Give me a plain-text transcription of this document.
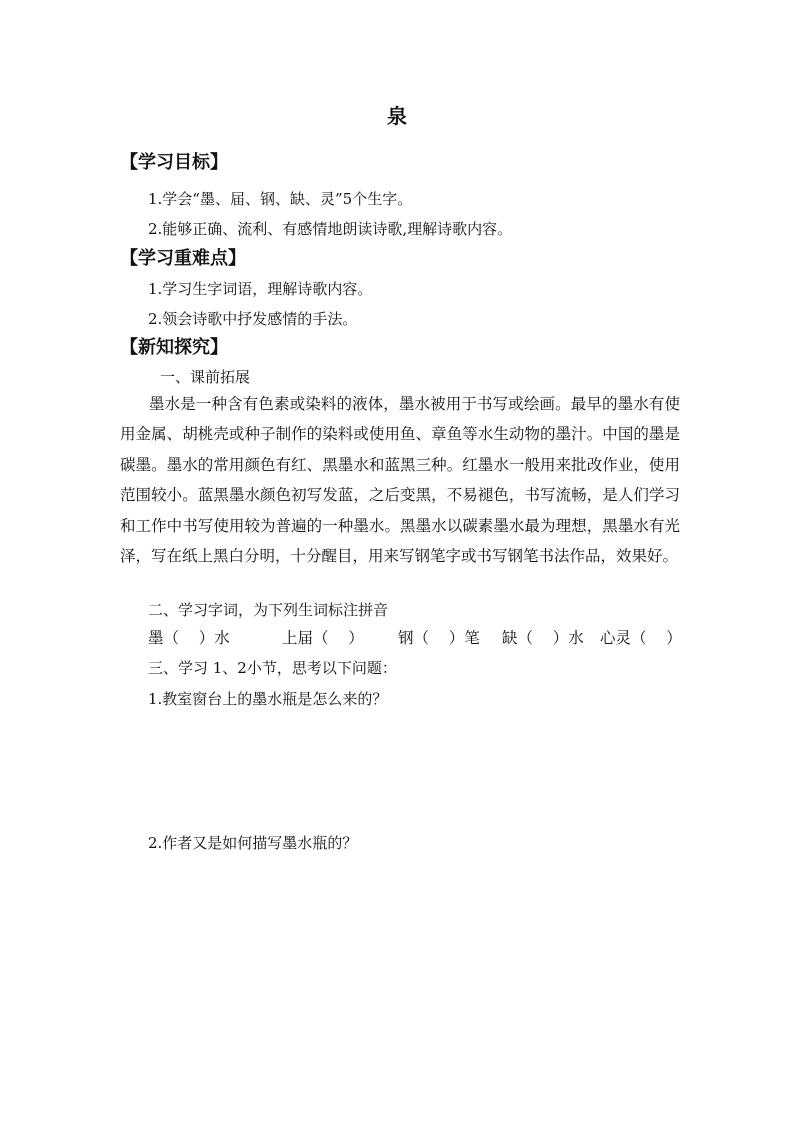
泉
【学习目标】
1.学会“墨、届、钢、缺、灵”5个生字。
2.能够正确、流利、有感情地朗读诗歌,理解诗歌内容。
【学习重难点】
1.学习生字词语，理解诗歌内容。
2.领会诗歌中抒发感情的手法。
【新知探究】
一、课前拓展
墨水是一种含有色素或染料的液体，墨水被用于书写或绘画。最早的墨水有使用金属、胡桃壳或种子制作的染料或使用鱼、章鱼等水生动物的墨汁。中国的墨是碳墨。墨水的常用颜色有红、黑墨水和蓝黑三种。红墨水一般用来批改作业，使用范围较小。蓝黑墨水颜色初写发蓝，之后变黑，不易褪色，书写流畅，是人们学习和工作中书写使用较为普遍的一种墨水。黑墨水以碳素墨水最为理想，黑墨水有光泽，写在纸上黑白分明，十分醒目，用来写钢笔字或书写钢笔书法作品，效果好。
二、学习字词，为下列生词标注拼音
墨（    ）水	上届（    ） 钢（    ）笔 缺（    ）水 心灵（    ）
三、学习 1、2小节，思考以下问题：
1.教室窗台上的墨水瓶是怎么来的？
2.作者又是如何描写墨水瓶的？
